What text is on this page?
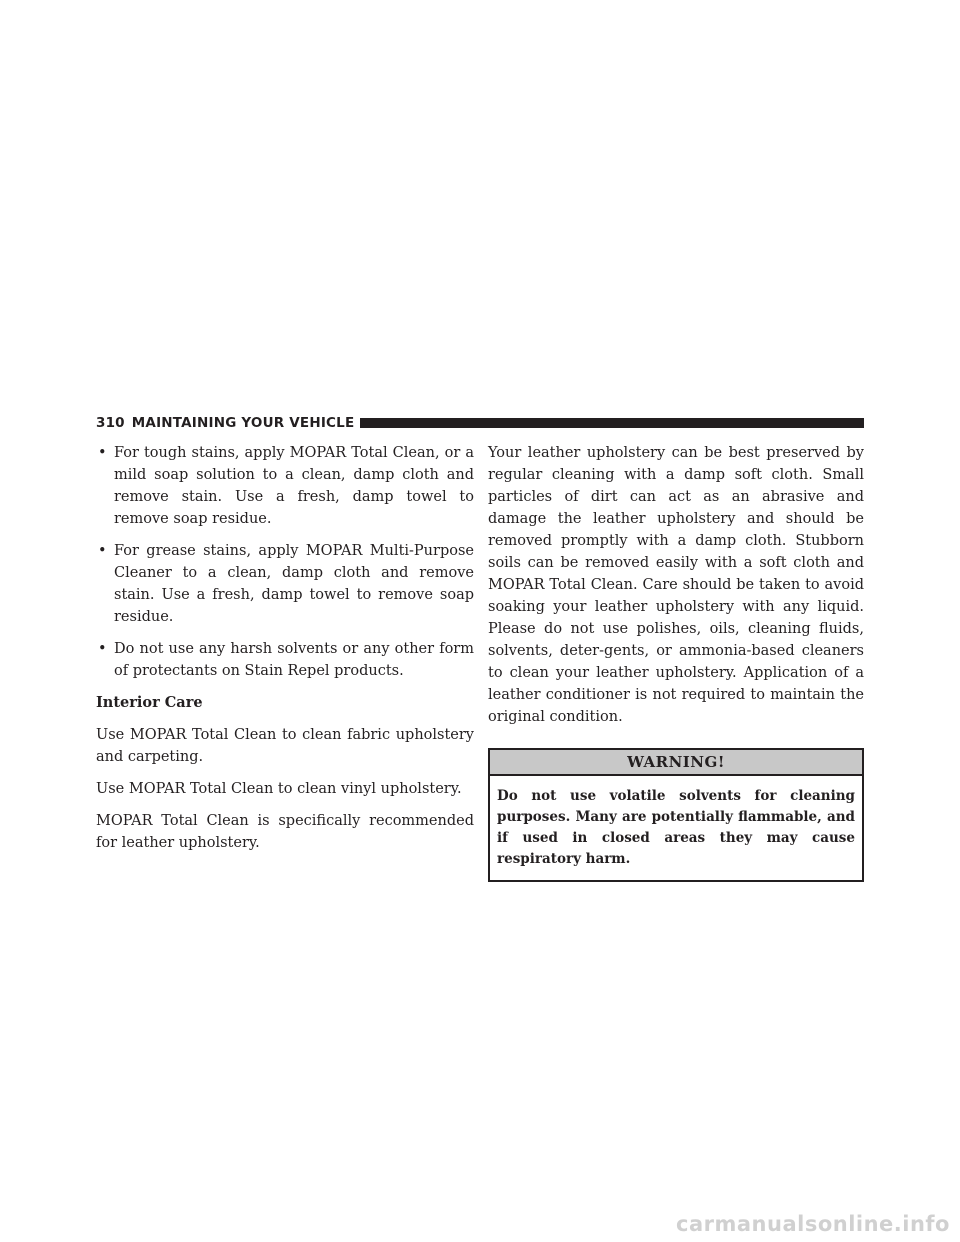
310 MAINTAINING YOUR VEHICLE
• For tough stains, apply MOPAR Total Clean, or a mild soap solution to a clean, damp cloth and remove stain. Use a fresh, damp towel to remove soap residue.
• For grease stains, apply MOPAR Multi-Purpose Cleaner to a clean, damp cloth and remove stain. Use a fresh, damp towel to remove soap residue.
• Do not use any harsh solvents or any other form of protectants on Stain Repel products.
Interior Care

Use MOPAR Total Clean to clean fabric upholstery and carpeting.

Use MOPAR Total Clean to clean vinyl upholstery.

MOPAR Total Clean is specifically recommended for leather upholstery.

Your leather upholstery can be best preserved by regular cleaning with a damp soft cloth. Small particles of dirt can act as an abrasive and damage the leather upholstery and should be removed promptly with a damp cloth. Stubborn soils can be removed easily with a soft cloth and MOPAR Total Clean. Care should be taken to avoid soaking your leather upholstery with any liquid. Please do not use polishes, oils, cleaning fluids, solvents, deter-gents, or ammonia-based cleaners to clean your leather upholstery. Application of a leather conditioner is not required to maintain the original condition.

WARNING!
Do not use volatile solvents for cleaning purposes. Many are potentially flammable, and if used in closed areas they may cause respiratory harm.
carmanualsonline.info
